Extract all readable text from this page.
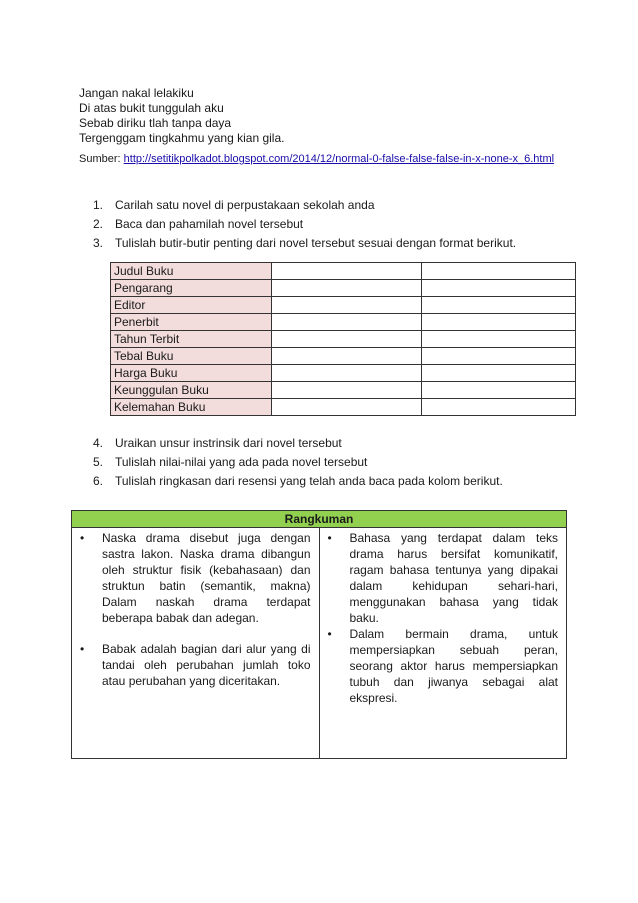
Jangan nakal lelakiku
Di atas bukit tunggulah aku
Sebab diriku tlah tanpa daya
Tergenggam tingkahmu yang kian gila.
Sumber: http://setitikpolkadot.blogspot.com/2014/12/normal-0-false-false-false-in-x-none-x_6.html
1. Carilah satu novel di perpustakaan sekolah anda
2. Baca dan pahamilah novel tersebut
3. Tulislah butir-butir penting dari novel tersebut sesuai dengan format berikut.
Judul Buku		
Pengarang		
Editor		
Penerbit		
Tahun Terbit		
Tebal Buku		
Harga Buku		
Keunggulan Buku		
Kelemahan Buku		
4. Uraikan unsur instrinsik dari novel tersebut
5. Tulislah nilai-nilai yang ada pada novel tersebut
6. Tulislah ringkasan dari resensi yang telah anda baca pada kolom berikut.
Rangkuman

•	Naska drama disebut juga dengan sastra lakon. Naska drama dibangun oleh struktur fisik (kebahasaan) dan struktun batin (semantik, makna) Dalam naskah drama terdapat beberapa babak dan adegan.
•	Babak adalah bagian dari alur yang di tandai oleh perubahan jumlah toko atau perubahan yang diceritakan.

•	Bahasa yang terdapat dalam teks drama harus bersifat komunikatif, ragam bahasa tentunya yang dipakai dalam kehidupan sehari-hari, menggunakan bahasa yang tidak baku.
•	Dalam bermain drama, untuk mempersiapkan sebuah peran, seorang aktor harus mempersiapkan tubuh dan jiwanya sebagai alat ekspresi.
